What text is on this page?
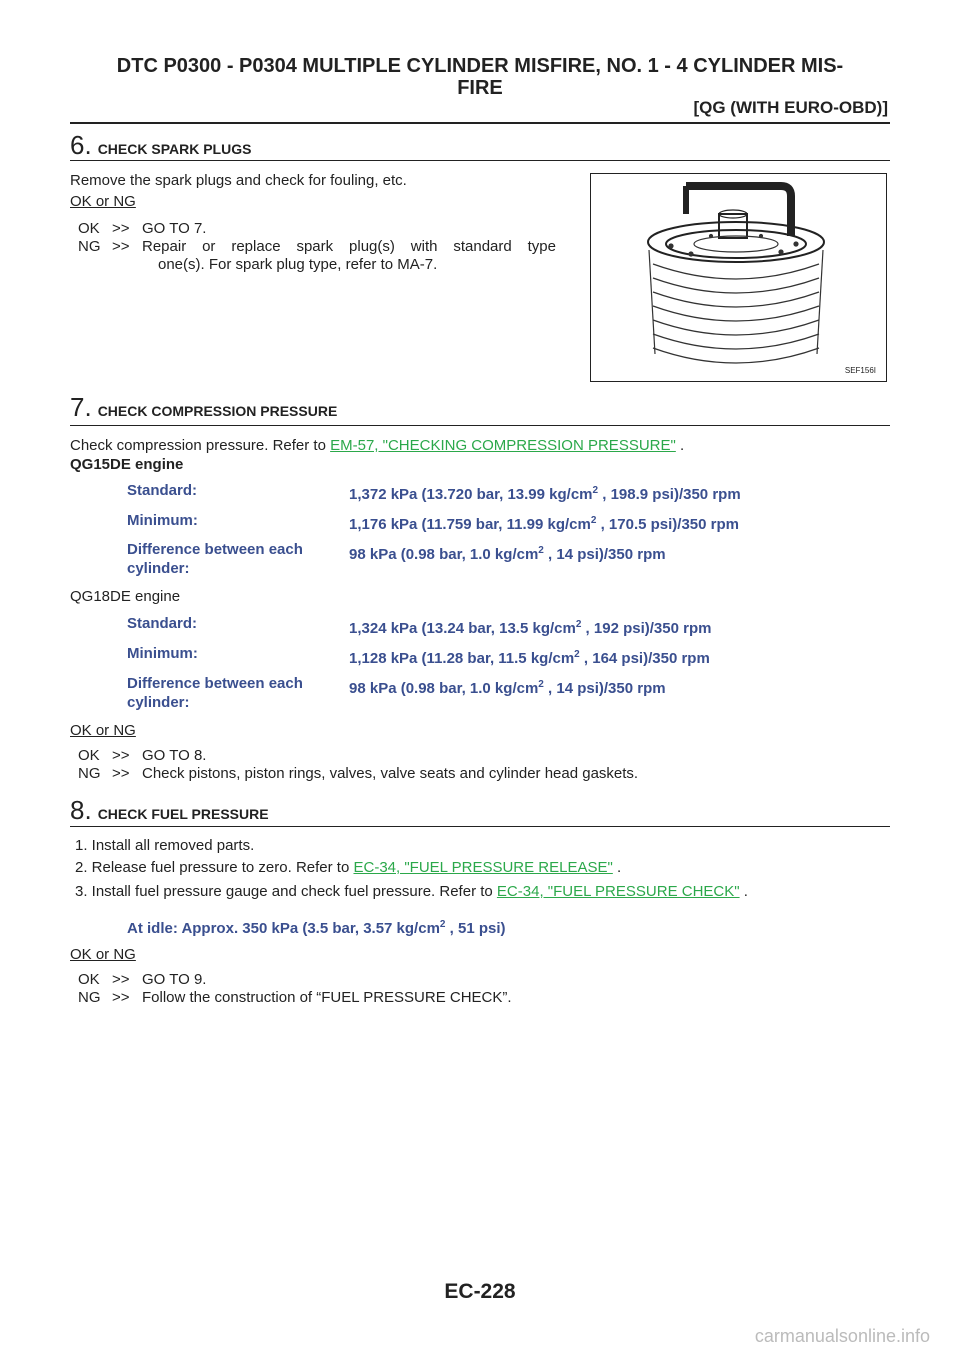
DTC P0300 - P0304 MULTIPLE CYLINDER MISFIRE, NO. 1 - 4 CYLINDER MIS-
FIRE
[QG (WITH EURO-OBD)]
6. CHECK SPARK PLUGS
Remove the spark plugs and check for fouling, etc.
OK or NG
OK >> GO TO 7.
NG >> Repair or replace spark plug(s) with standard type
one(s). For spark plug type, refer to MA-7.
SEF156I
7. CHECK COMPRESSION PRESSURE
Check compression pressure. Refer to EM-57, "CHECKING COMPRESSION PRESSURE" .
QG15DE engine
Standard:	1,372 kPa (13.720 bar, 13.99 $kg/cm^2$ , 198.9 psi)/350 rpm
Minimum:	1,176 kPa (11.759 bar, 11.99 $kg/cm^2$ , 170.5 psi)/350 rpm
Difference between each
cylinder:
98 kPa (0.98 bar, 1.0 $kg/cm^2$ , 14 psi)/350 rpm
QG18DE engine
Standard:	1,324 kPa (13.24 bar, 13.5 $kg/cm^2$ , 192 psi)/350 rpm
Minimum:	1,128 kPa (11.28 bar, 11.5 $kg/cm^2$ , 164 psi)/350 rpm
Difference between each
cylinder:
98 kPa (0.98 bar, 1.0 $kg/cm^2$ , 14 psi)/350 rpm
OK or NG
OK >> GO TO 8.
NG >> Check pistons, piston rings, valves, valve seats and cylinder head gaskets.
8. CHECK FUEL PRESSURE
1. Install all removed parts.
2. Release fuel pressure to zero. Refer to EC-34, "FUEL PRESSURE RELEASE" .
3. Install fuel pressure gauge and check fuel pressure. Refer to EC-34, "FUEL PRESSURE CHECK" .
At idle: Approx. 350 kPa (3.5 bar, 3.57 $kg/cm^2$ , 51 psi)
OK or NG
OK >> GO TO 9.
NG >> Follow the construction of “FUEL PRESSURE CHECK”.
EC-228
carmanualsonline.info
